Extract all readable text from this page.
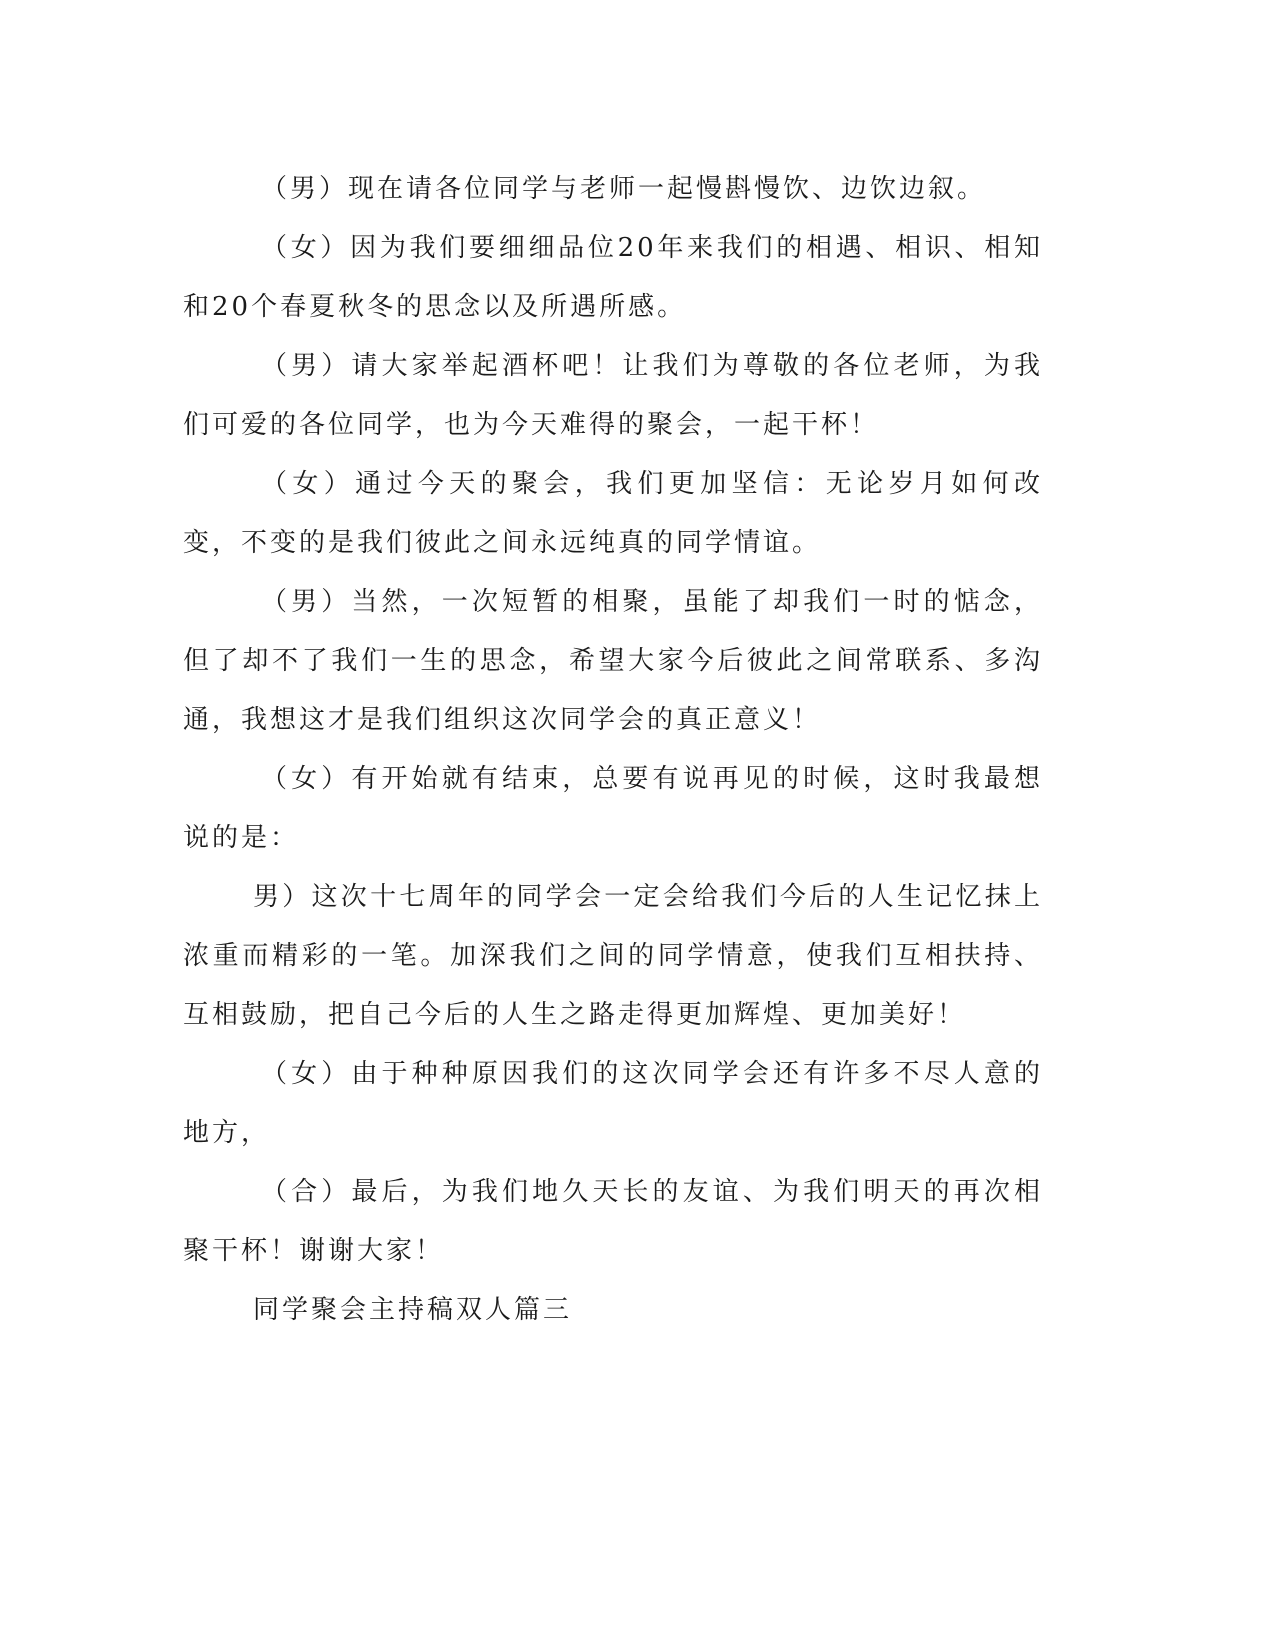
（男）现在请各位同学与老师一起慢斟慢饮、边饮边叙。

（女）因为我们要细细品位20年来我们的相遇、相识、相知和20个春夏秋冬的思念以及所遇所感。

（男）请大家举起酒杯吧！让我们为尊敬的各位老师，为我们可爱的各位同学，也为今天难得的聚会，一起干杯！

（女）通过今天的聚会，我们更加坚信：无论岁月如何改变，不变的是我们彼此之间永远纯真的同学情谊。

（男）当然，一次短暂的相聚，虽能了却我们一时的惦念，但了却不了我们一生的思念，希望大家今后彼此之间常联系、多沟通，我想这才是我们组织这次同学会的真正意义！

（女）有开始就有结束，总要有说再见的时候，这时我最想说的是：

男）这次十七周年的同学会一定会给我们今后的人生记忆抹上浓重而精彩的一笔。加深我们之间的同学情意，使我们互相扶持、互相鼓励，把自己今后的人生之路走得更加辉煌、更加美好！

（女）由于种种原因我们的这次同学会还有许多不尽人意的地方，

（合）最后，为我们地久天长的友谊、为我们明天的再次相聚干杯！谢谢大家！

同学聚会主持稿双人篇三
